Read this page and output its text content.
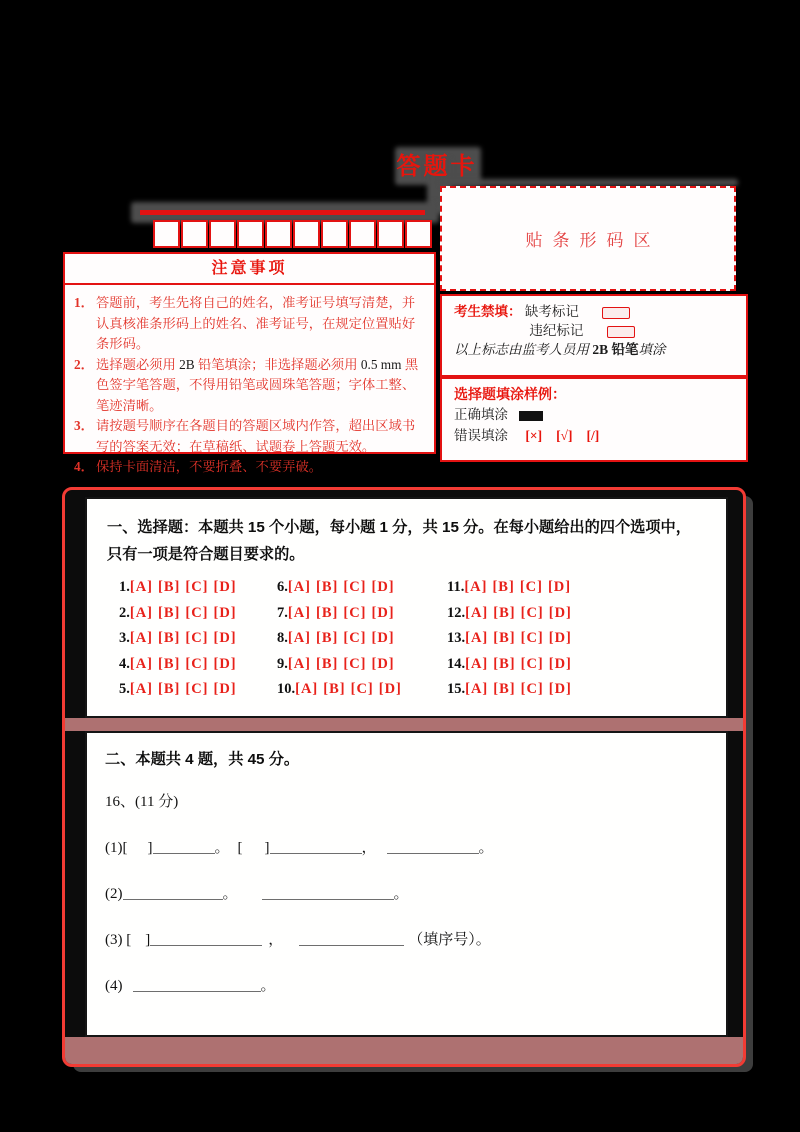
答题卡
注意事项
1． 答题前，考生先将自己的姓名，准考证号填写清楚，并认真核准条形码上的姓名、准考证号，在规定位置贴好条形码。
2． 选择题必须用 2B 铅笔填涂；非选择题必须用 0.5 mm 黑色签字笔答题，不得用铅笔或圆珠笔答题；字体工整、笔迹清晰。
3． 请按题号顺序在各题目的答题区域内作答，超出区域书写的答案无效；在草稿纸、试题卷上答题无效。
4． 保持卡面清洁，不要折叠、不要弄破。
贴条形码区
考生禁填： 缺考标记
违纪标记
以上标志由监考人员用 2B 铅笔填涂
选择题填涂样例：
正确填涂
错误填涂 [×] [√] [/]
一、选择题：本题共 15 个小题，每小题 1 分，共 15 分。在每小题给出的四个选项中，只有一项是符合题目要求的。
1.[A] [B] [C] [D]
2.[A] [B] [C] [D]
3.[A] [B] [C] [D]
4.[A] [B] [C] [D]
5.[A] [B] [C] [D]
6.[A] [B] [C] [D]
7.[A] [B] [C] [D]
8.[A] [B] [C] [D]
9.[A] [B] [C] [D]
10.[A] [B] [C] [D]
11.[A] [B] [C] [D]
12.[A] [B] [C] [D]
13.[A] [B] [C] [D]
14.[A] [B] [C] [D]
15.[A] [B] [C] [D]
二、本题共 4 题，共 45 分。
16、(11 分)
(1)[ ]	。 [ ]	，	。
(2)	。	。
(3) [ ]	，	（填序号）。
(4)	。
